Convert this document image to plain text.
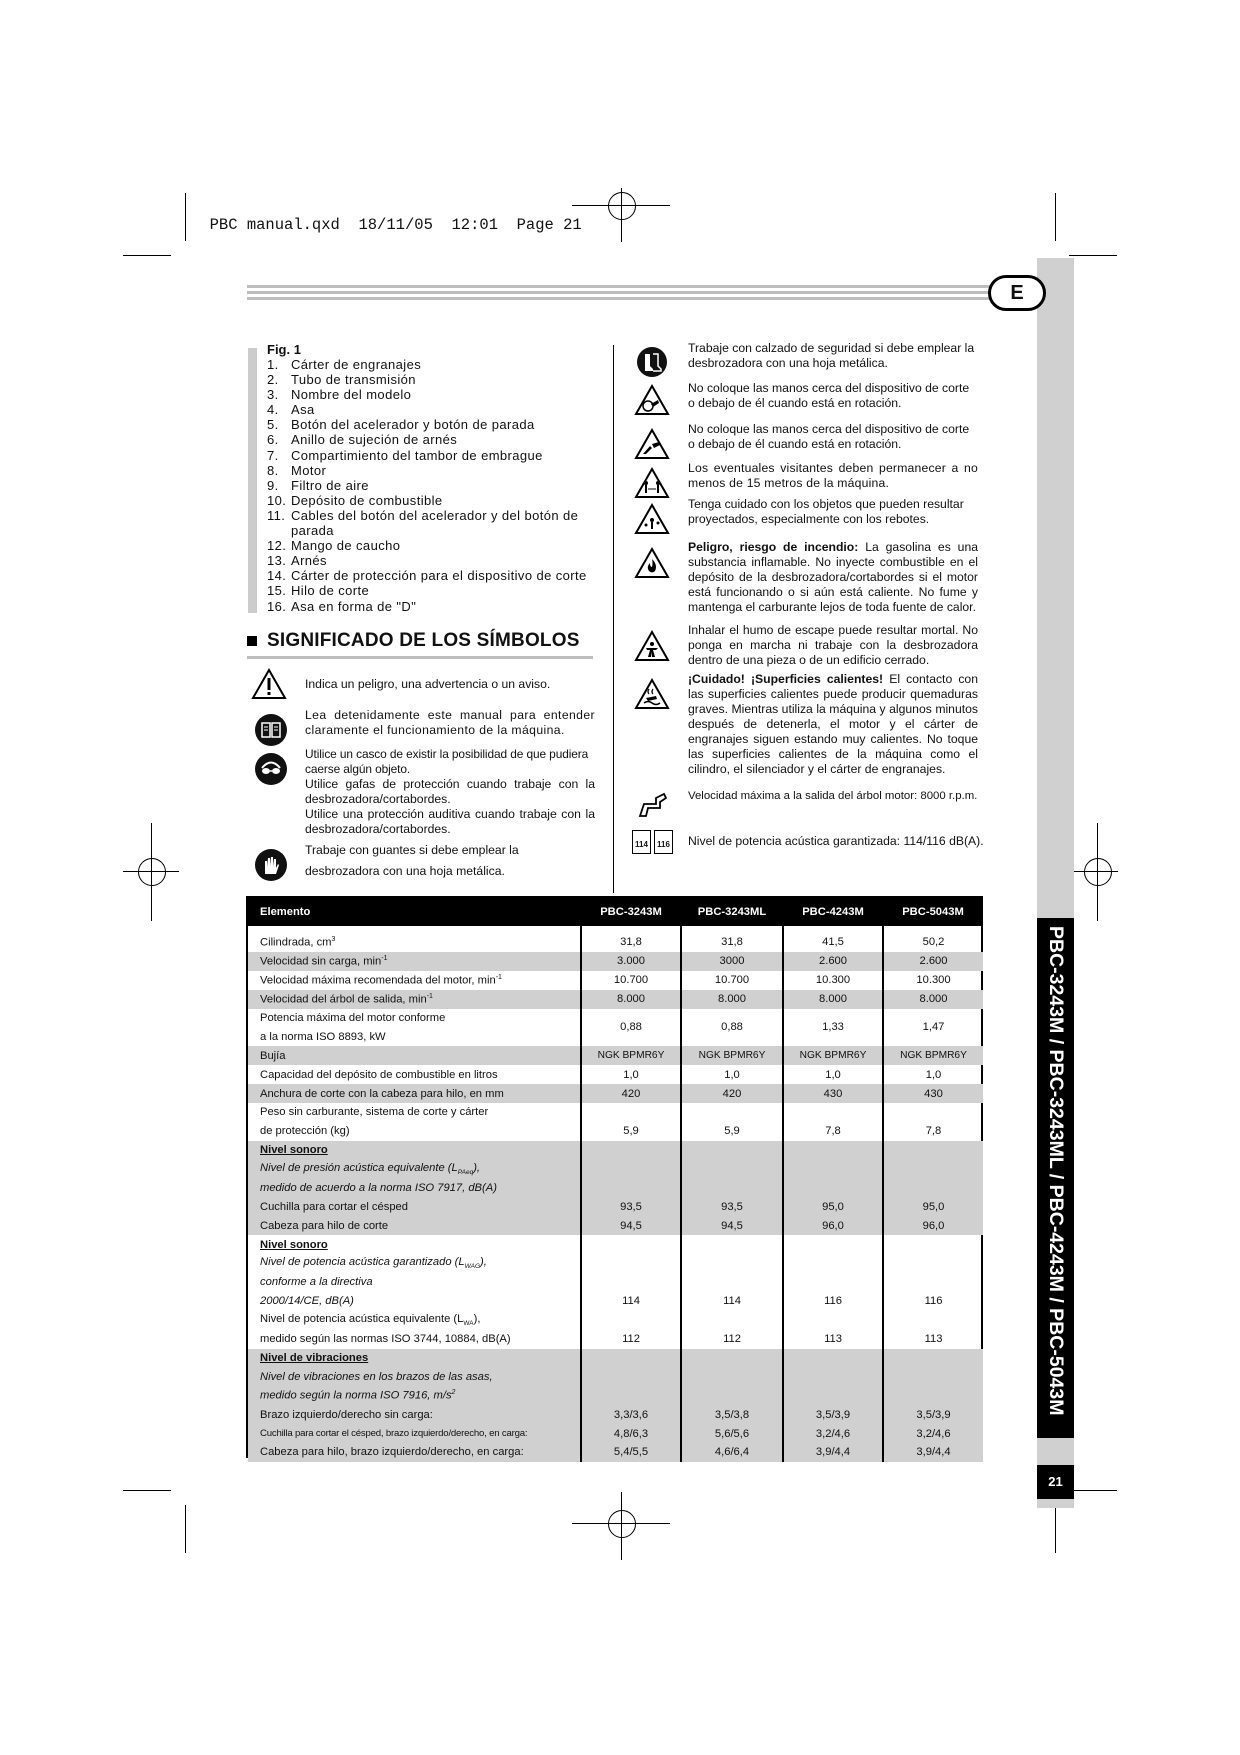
PBC manual.qxd 18/11/05 12:01 Page 21

E
PBC-3243M / PBC-3243ML / PBC-4243M / PBC-5043M
21
Fig. 1
1. Cárter de engranajes
2. Tubo de transmisión
3. Nombre del modelo
4. Asa
5. Botón del acelerador y botón de parada
6. Anillo de sujeción de arnés
7. Compartimiento del tambor de embrague
8. Motor
9. Filtro de aire
10. Depósito de combustible
11. Cables del botón del acelerador y del botón de parada
12. Mango de caucho
13. Arnés
14. Cárter de protección para el dispositivo de corte
15. Hilo de corte
16. Asa en forma de "D"
SIGNIFICADO DE LOS SÍMBOLOS
Indica un peligro, una advertencia o un aviso.
Lea detenidamente este manual para entender claramente el funcionamiento de la máquina.
Utilice un casco de existir la posibilidad de que pudiera caerse algún objeto.
Utilice gafas de protección cuando trabaje con la desbrozadora/cortabordes.
Utilice una protección auditiva cuando trabaje con la desbrozadora/cortabordes.
Trabaje con guantes si debe emplear la desbrozadora con una hoja metálica.
Trabaje con calzado de seguridad si debe emplear la desbrozadora con una hoja metálica.
No coloque las manos cerca del dispositivo de corte o debajo de él cuando está en rotación.
No coloque las manos cerca del dispositivo de corte o debajo de él cuando está en rotación.
Los eventuales visitantes deben permanecer a no menos de 15 metros de la máquina.
Tenga cuidado con los objetos que pueden resultar proyectados, especialmente con los rebotes.
Peligro, riesgo de incendio: La gasolina es una substancia inflamable. No inyecte combustible en el depósito de la desbrozadora/cortabordes si el motor está funcionando o si aún está caliente. No fume y mantenga el carburante lejos de toda fuente de calor.
Inhalar el humo de escape puede resultar mortal. No ponga en marcha ni trabaje con la desbrozadora dentro de una pieza o de un edificio cerrado.
¡Cuidado! ¡Superficies calientes! El contacto con las superficies calientes puede producir quemaduras graves. Mientras utiliza la máquina y algunos minutos después de detenerla, el motor y el cárter de engranajes siguen estando muy calientes. No toque las superficies calientes de la máquina como el cilindro, el silenciador y el cárter de engranajes.
Velocidad máxima a la salida del árbol motor: 8000 r.p.m.
114	116 Nivel de potencia acústica garantizada: 114/116 dB(A).
Elemento	PBC-3243M	PBC-3243ML	PBC-4243M	PBC-5043M

Cilindrada, $cm^3$	31,8	31,8	41,5	50,2
Velocidad sin carga, $\min^{-1}$	3.000	3000	2.600	2.600
Velocidad máxima recomendada del motor, $\min^{-1}$	10.700	10.700	10.300	10.300
Velocidad del árbol de salida, $\min^{-1}$	8.000	8.000	8.000	8.000
Potencia máxima del motor conforme	0,88	0,88	1,33	1,47
a la norma ISO 8893, kW				
Bujía	NGK BPMR6Y	NGK BPMR6Y	NGK BPMR6Y	NGK BPMR6Y
Capacidad del depósito de combustible en litros	1,0	1,0	1,0	1,0
Anchura de corte con la cabeza para hilo, en mm	420	420	430	430
Peso sin carburante, sistema de corte y cárter				
de protección (kg)	5,9	5,9	7,8	7,8
Nivel sonoro				
Nivel de presión acústica equivalente $(L_{PAeq})$,				
medido de acuerdo a la norma ISO 7917, dB(A)				
Cuchilla para cortar el césped	93,5	93,5	95,0	95,0
Cabeza para hilo de corte	94,5	94,5	96,0	96,0
Nivel sonoro				
Nivel de potencia acústica garantizado $(L_{WAG})$,				
conforme a la directiva				
2000/14/CE, dB(A)	114	114	116	116
Nivel de potencia acústica equivalente $(L_{WA})$,				
medido según las normas ISO 3744, 10884, dB(A)	112	112	113	113
Nivel de vibraciones				
Nivel de vibraciones en los brazos de las asas,				
medido según la norma ISO 7916, $m/s^2$				
Brazo izquierdo/derecho sin carga:	3,3/3,6	3,5/3,8	3,5/3,9	3,5/3,9
Cuchilla para cortar el césped, brazo izquierdo/derecho, en carga:	4,8/6,3	5,6/5,6	3,2/4,6	3,2/4,6
Cabeza para hilo, brazo izquierdo/derecho, en carga:	5,4/5,5	4,6/6,4	3,9/4,4	3,9/4,4
